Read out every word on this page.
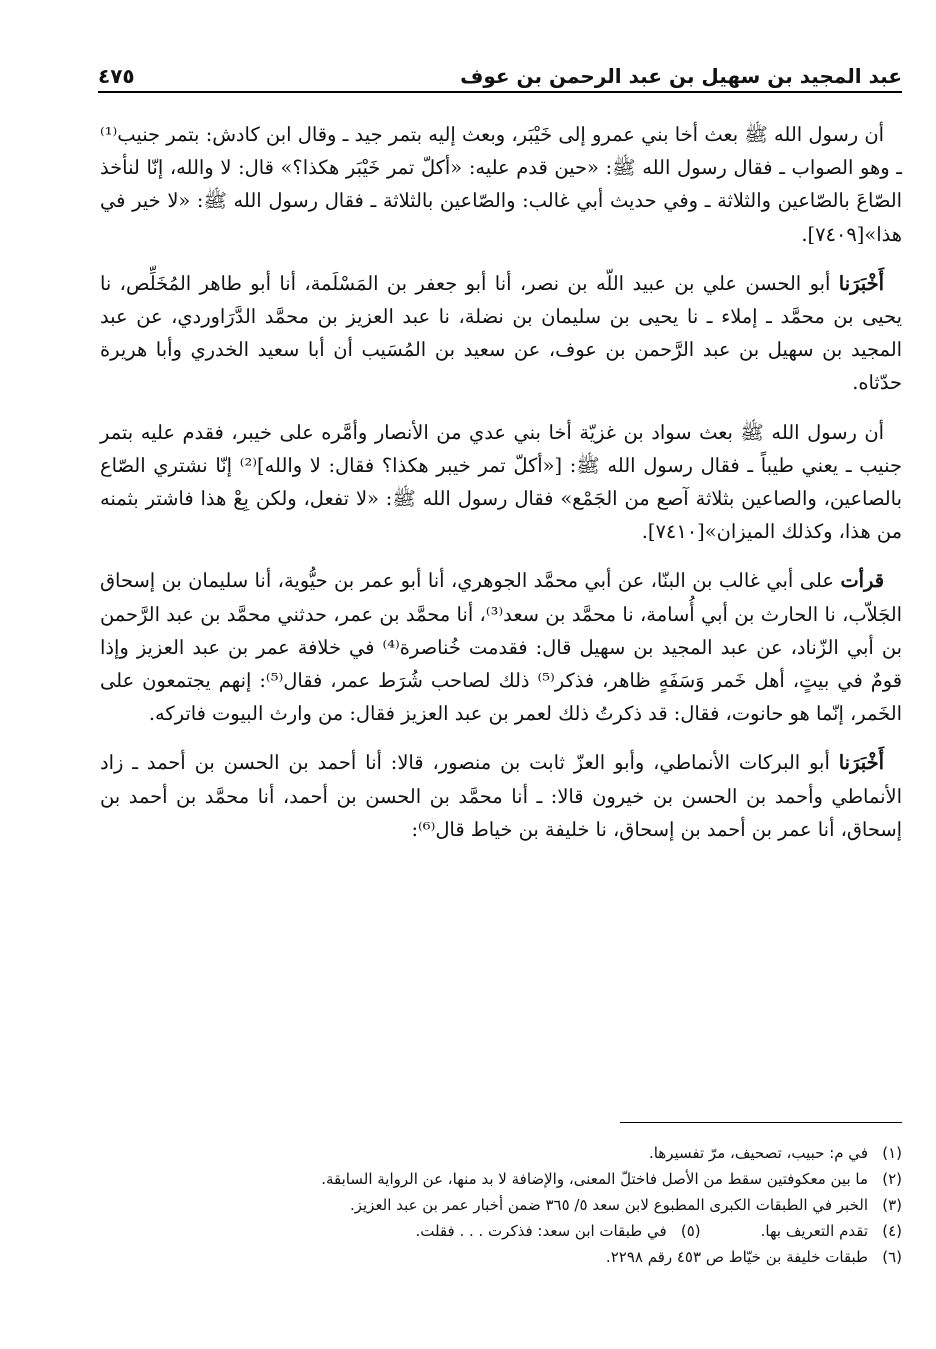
عبد المجيد بن سهيل بن عبد الرحمن بن عوف
٤٧٥

أن رسول الله ﷺ بعث أخا بني عمرو إلى خَيْبَر، وبعث إليه بتمر جيد ـ وقال ابن كادش: بتمر جنيب⁽¹⁾ ـ وهو الصواب ـ فقال رسول الله ﷺ: «حين قدم عليه: «أكلّ تمر خَيْبَر هكذا؟» قال: لا والله، إنّا لنأخذ الصّاعَ بالصّاعين والثلاثة ـ وفي حديث أبي غالب: والصّاعين بالثلاثة ـ فقال رسول الله ﷺ: «لا خير في هذا»[٧٤٠٩].

أَخْبَرَنا أبو الحسن علي بن عبيد اللّه بن نصر، أنا أبو جعفر بن المَسْلَمة، أنا أبو طاهر المُخَلِّص، نا يحيى بن محمَّد ـ إملاء ـ نا يحيى بن سليمان بن نضلة، نا عبد العزيز بن محمَّد الدَّرَاوردي، عن عبد المجيد بن سهيل بن عبد الرَّحمن بن عوف، عن سعيد بن المُسَيب أن أبا سعيد الخدري وأبا هريرة حدّثاه.

أن رسول الله ﷺ بعث سواد بن غزيّة أخا بني عدي من الأنصار وأمَّره على خيبر، فقدم عليه بتمر جنيب ـ يعني طيباً ـ فقال رسول الله ﷺ: [«أكلّ تمر خيبر هكذا؟ فقال: لا والله]⁽²⁾ إنّا نشتري الصّاع بالصاعين، والصاعين بثلاثة آصع من الجَمْع» فقال رسول الله ﷺ: «لا تفعل، ولكن بِعْ هذا فاشتر بثمنه من هذا، وكذلك الميزان»[٧٤١٠].

قرأت على أبي غالب بن البنّا، عن أبي محمَّد الجوهري، أنا أبو عمر بن حيُّوية، أنا سليمان بن إسحاق الجَلاّب، نا الحارث بن أبي أُسامة، نا محمَّد بن سعد⁽³⁾، أنا محمَّد بن عمر، حدثني محمَّد بن عبد الرَّحمن بن أبي الزّناد، عن عبد المجيد بن سهيل قال: فقدمت خُناصرة⁽⁴⁾ في خلافة عمر بن عبد العزيز وإذا قومٌ في بيتٍ، أهل خَمر وَسَفَهٍ ظاهر، فذكر⁽⁵⁾ ذلك لصاحب شُرَط عمر، فقال⁽⁵⁾: إنهم يجتمعون على الخَمر، إنّما هو حانوت، فقال: قد ذكرتُ ذلك لعمر بن عبد العزيز فقال: من وارث البيوت فاتركه.

أَخْبَرَنا أبو البركات الأنماطي، وأبو العزّ ثابت بن منصور، قالا: أنا أحمد بن الحسن بن أحمد ـ زاد الأنماطي وأحمد بن الحسن بن خيرون قالا: ـ أنا محمَّد بن الحسن بن أحمد، أنا محمَّد بن أحمد بن إسحاق، أنا عمر بن أحمد بن إسحاق، نا خليفة بن خياط قال⁽⁶⁾:

(١)في م: حبيب، تصحيف، مرّ تفسيرها.
(٢)ما بين معكوفتين سقط من الأصل فاختلّ المعنى، والإضافة لا بد منها، عن الرواية السابقة.
(٣)الخبر في الطبقات الكبرى المطبوع لابن سعد ٥/ ٣٦٥ ضمن أخبار عمر بن عبد العزيز.
(٤)تقدم التعريف بها.
(٥)في طبقات ابن سعد: فذكرت . . . فقلت.
(٦)طبقات خليفة بن خيّاط ص ٤٥٣ رقم ٢٢٩٨.
